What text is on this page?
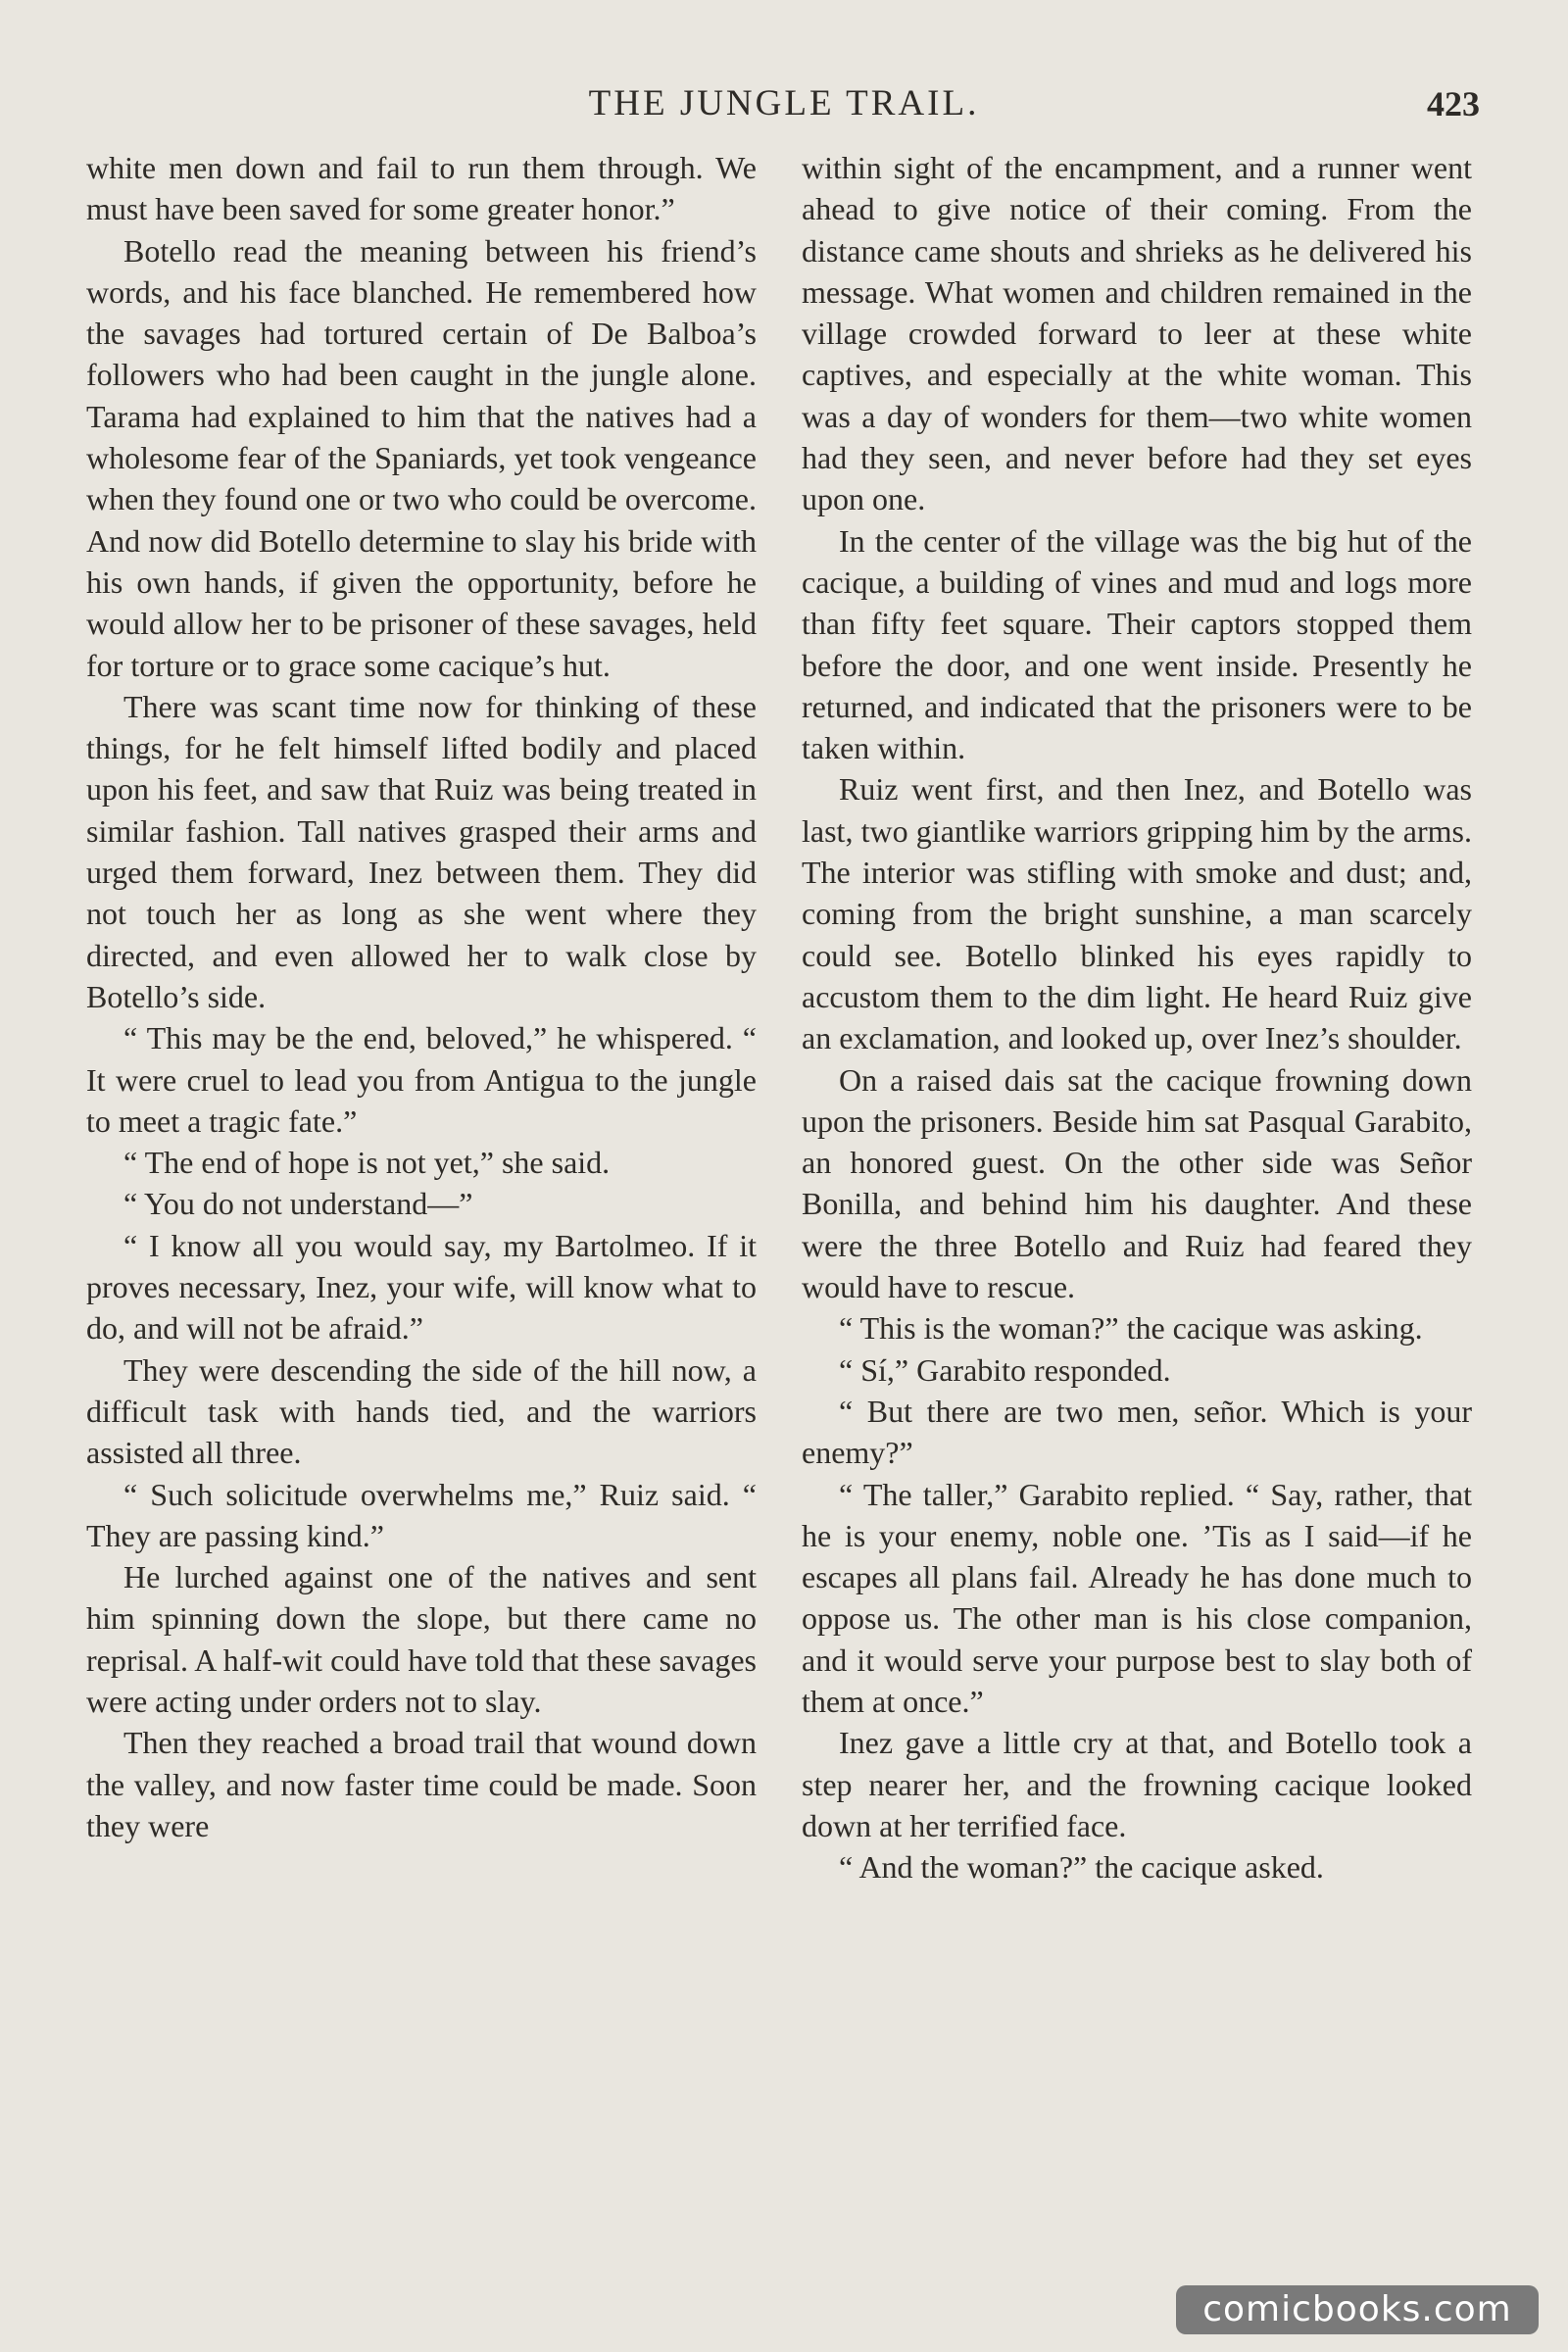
THE JUNGLE TRAIL.	423

white men down and fail to run them through. We must have been saved for some greater honor.”

Botello read the meaning between his friend’s words, and his face blanched. He remembered how the savages had tortured certain of De Balboa’s followers who had been caught in the jungle alone. Tarama had explained to him that the natives had a wholesome fear of the Spaniards, yet took vengeance when they found one or two who could be overcome. And now did Botello determine to slay his bride with his own hands, if given the opportunity, before he would allow her to be prisoner of these savages, held for torture or to grace some cacique’s hut.

There was scant time now for thinking of these things, for he felt himself lifted bodily and placed upon his feet, and saw that Ruiz was being treated in similar fashion. Tall natives grasped their arms and urged them forward, Inez between them. They did not touch her as long as she went where they directed, and even allowed her to walk close by Botello’s side.

“ This may be the end, beloved,” he whispered. “ It were cruel to lead you from Antigua to the jungle to meet a tragic fate.”

“ The end of hope is not yet,” she said.

“ You do not understand—”

“ I know all you would say, my Bartolmeo. If it proves necessary, Inez, your wife, will know what to do, and will not be afraid.”

They were descending the side of the hill now, a difficult task with hands tied, and the warriors assisted all three.

“ Such solicitude overwhelms me,” Ruiz said. “ They are passing kind.”

He lurched against one of the natives and sent him spinning down the slope, but there came no reprisal. A half-wit could have told that these savages were acting under orders not to slay.

Then they reached a broad trail that wound down the valley, and now faster time could be made. Soon they were

within sight of the encampment, and a runner went ahead to give notice of their coming. From the distance came shouts and shrieks as he delivered his message. What women and children remained in the village crowded forward to leer at these white captives, and especially at the white woman. This was a day of wonders for them—two white women had they seen, and never before had they set eyes upon one.

In the center of the village was the big hut of the cacique, a building of vines and mud and logs more than fifty feet square. Their captors stopped them before the door, and one went inside. Presently he returned, and indicated that the prisoners were to be taken within.

Ruiz went first, and then Inez, and Botello was last, two giantlike warriors gripping him by the arms. The interior was stifling with smoke and dust; and, coming from the bright sunshine, a man scarcely could see. Botello blinked his eyes rapidly to accustom them to the dim light. He heard Ruiz give an exclamation, and looked up, over Inez’s shoulder.

On a raised dais sat the cacique frowning down upon the prisoners. Beside him sat Pasqual Garabito, an honored guest. On the other side was Señor Bonilla, and behind him his daughter. And these were the three Botello and Ruiz had feared they would have to rescue.

“ This is the woman?” the cacique was asking.

“ Sí,” Garabito responded.

“ But there are two men, señor. Which is your enemy?”

“ The taller,” Garabito replied. “ Say, rather, that he is your enemy, noble one. ’Tis as I said—if he escapes all plans fail. Already he has done much to oppose us. The other man is his close companion, and it would serve your purpose best to slay both of them at once.”

Inez gave a little cry at that, and Botello took a step nearer her, and the frowning cacique looked down at her terrified face.

“ And the woman?” the cacique asked.

comicbooks.com
